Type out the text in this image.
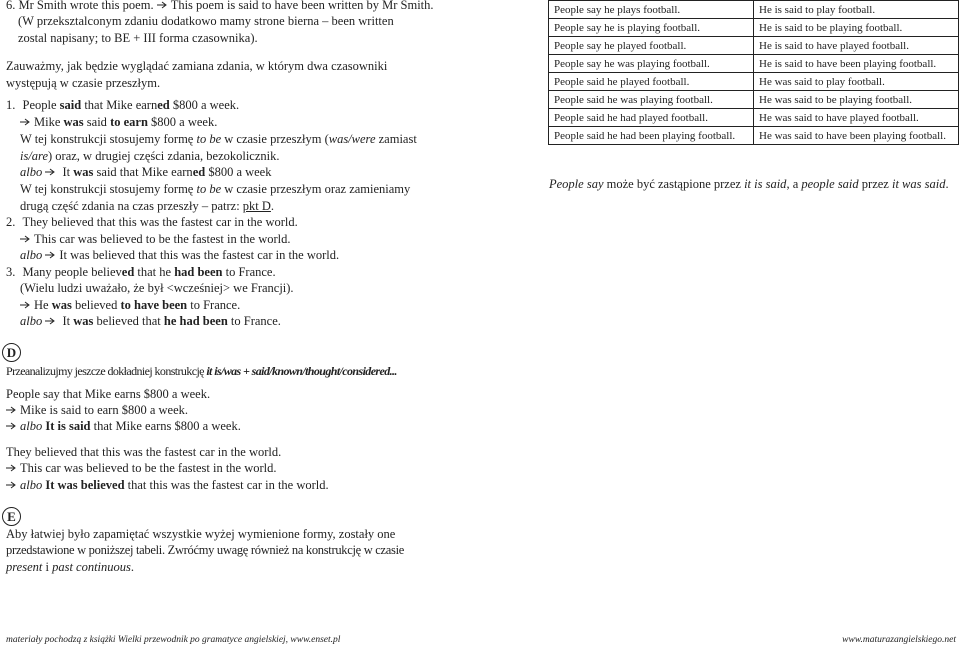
6. Mr Smith wrote this poem. This poem is said to have been written by Mr Smith.
(W przeksztalconym zdaniu dodatkowo mamy strone bierna – been written
zostal napisany; to BE + III forma czasownika).
Zauważmy, jak będzie wyglądać zamiana zdania, w którym dwa czasowniki
występują w czasie przeszłym.
1. People said that Mike earned $800 a week.
Mike was said to earn $800 a week.
W tej konstrukcji stosujemy formę to be w czasie przeszłym (was/were zamiast
is/are) oraz, w drugiej części zdania, bezokolicznik.
albo
It was said that Mike earned $800 a week
W tej konstrukcji stosujemy formę to be w czasie przeszłym oraz zamieniamy
drugą część zdania na czas przeszły – patrz: pkt D.
2. They believed that this was the fastest car in the world.
This car was believed to be the fastest in the world.
albo It was believed that this was the fastest car in the world.
3. Many people believed that he had been to France.
(Wielu ludzi uważało, że był <wcześniej> we Francji).
He was believed to have been to France.
albo
It was believed that he had been to France.
D
Przeanalizujmy jeszcze dokładniej konstrukcję it is/was + said/known/thought/considered...
People say that Mike earns $800 a week.
Mike is said to earn $800 a week.
albo It is said that Mike earns $800 a week.
They believed that this was the fastest car in the world.
This car was believed to be the fastest in the world.
albo It was believed that this was the fastest car in the world.
E
Aby łatwiej było zapamiętać wszystkie wyżej wymienione formy, zostały one
przedstawione w poniższej tabeli. Zwróćmy uwagę również na konstrukcję w czasie
present i past continuous.
People say he plays football.	He is said to play football.
People say he is playing football.	He is said to be playing football.
People say he played football.	He is said to have played football.
People say he was playing football.	He is said to have been playing football.
People said he played football.	He was said to play football.
People said he was playing football.	He was said to be playing football.
People said he had played football.	He was said to have played football.
People said he had been playing football.	He was said to have been playing football.
People say może być zastąpione przez it is said, a people said przez it was said.
materiały pochodzą z książki Wielki przewodnik po gramatyce angielskiej, www.enset.pl	www.maturazangielskiego.net
